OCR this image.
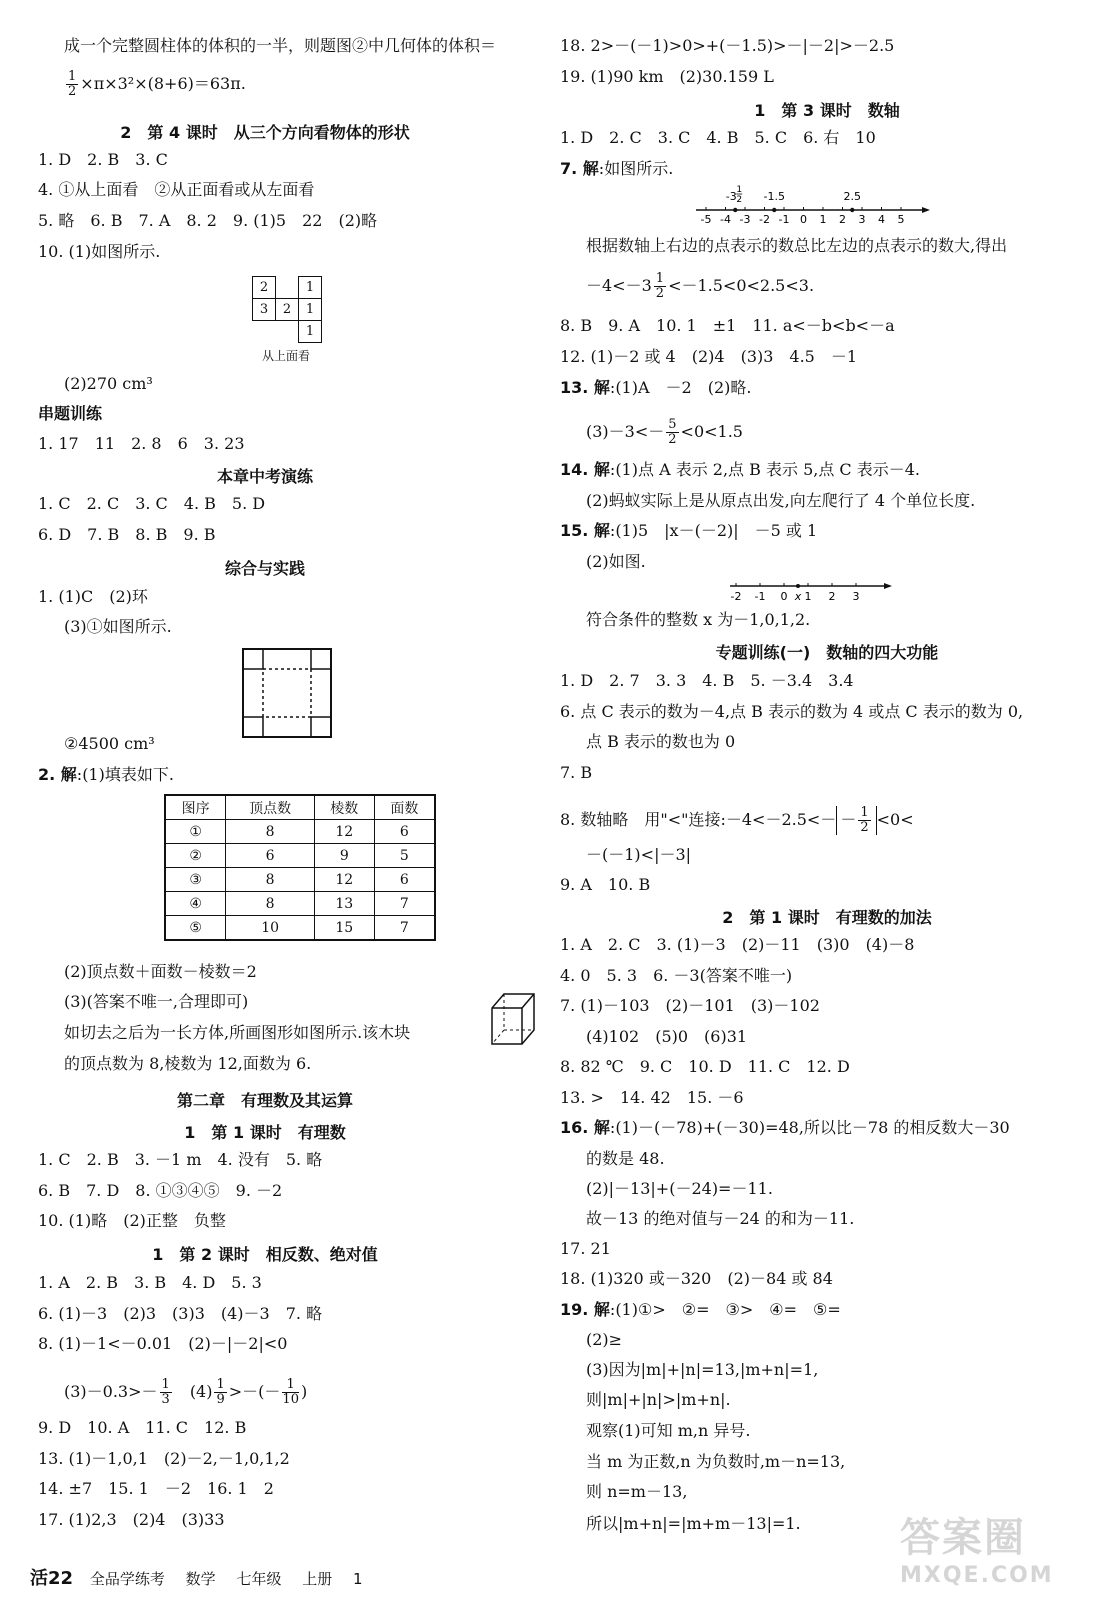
成一个完整圆柱体的体积的一半，则题图②中几何体的体积＝
$\frac{1}{2} \times\pi\times 3^2\times(8+6)=63\pi$.
2　第 4 课时　从三个方向看物体的形状
1. D　2. B　3. C
4. ①从上面看　②从正面看或从左面看
5. 略　6. B　7. A　8. 2　9. (1)5　22　(2)略
10. (1)如图所示.
2		1
3	2	1
		1
从上面看
(2)270 cm³
串题训练
1. 17　11　2. 8　6　3. 23
本章中考演练
1. C　2. C　3. C　4. B　5. D
6. D　7. B　8. B　9. B
综合与实践
1. (1)C　(2)环
(3)①如图所示.
②4500 cm³
2. 解:(1)填表如下.
图序	顶点数	棱数	面数
①	8	12	6
②	6	9	5
③	8	12	6
④	8	13	7
⑤	10	15	7
(2)顶点数＋面数－棱数＝2
(3)(答案不唯一,合理即可)
如切去之后为一长方体,所画图形如图所示.该木块
的顶点数为 8,棱数为 12,面数为 6.
第二章　有理数及其运算
1　第 1 课时　有理数
1. C　2. B　3. －1 m　4. 没有　5. 略
6. B　7. D　8. ①③④⑤　9. －2
10. (1)略　(2)正整　负整
1　第 2 课时　相反数、绝对值
1. A　2. B　3. B　4. D　5. 3
6. (1)－3　(2)3　(3)3　(4)－3　7. 略
8. (1)－1<－0.01　(2)－|－2|<0
$(3)-0.3>- \frac{1}{3}$ 　$(4) \frac{1}{9}$ >－(－ $\frac{1}{10}$ )
9. D　10. A　11. C　12. B
13. (1)－1,0,1　(2)－2,－1,0,1,2
14. ±7　15. 1　－2　16. 1　2
17. (1)2,3　(2)4　(3)33
18. 2>－(－1)>0>+(－1.5)>－|－2|>－2.5
19. (1)90 km　(2)30.159 L
1　第 3 课时　数轴
1. D　2. C　3. C　4. B　5. C　6. 右　10
7. 解:如图所示.
-5 -4 -3 -2 -1 0 1 2 3 4 5
-3 -1.5	2.5
1
2
根据数轴上右边的点表示的数总比左边的点表示的数大,得出
$-4<-3 \frac{1}{2} <-1.5<0<2.5<3$.
8. B　9. A　10. 1　±1　11. a<－b<b<－a
12. (1)－2 或 4　(2)4　(3)3　4.5　－1
13. 解:(1)A　－2　(2)略.
$(3)-3<- \frac{5}{2} <0<1.5$
14. 解:(1)点 A 表示 2,点 B 表示 5,点 C 表示－4.
(2)蚂蚁实际上是从原点出发,向左爬行了 4 个单位长度.
15. 解:(1)5　|x－(－2)|　－5 或 1
(2)如图.
-2 -1 0 x 1 2 3
符合条件的整数 x 为－1,0,1,2.
专题训练(一)　数轴的四大功能
1. D　2. 7　3. 3　4. B　5. －3.4　3.4
6. 点 C 表示的数为－4,点 B 表示的数为 4 或点 C 表示的数为 0,
点 B 表示的数也为 0
7. B
8. 数轴略　用"<"连接:－4<－2.5<－ － $\frac{1}{2} <0<$
－(－1)<|－3|
9. A　10. B
2　第 1 课时　有理数的加法
1. A　2. C　3. (1)－3　(2)－11　(3)0　(4)－8
4. 0　5. 3　6. －3(答案不唯一)
7. (1)－103　(2)－101　(3)－102
(4)102　(5)0　(6)31
8. 82 ℃　9. C　10. D　11. C　12. D
13. >　14. 42　15. －6
16. 解:(1)－(－78)+(－30)=48,所以比－78 的相反数大－30
的数是 48.
(2)|－13|+(－24)=－11.
故－13 的绝对值与－24 的和为－11.
17. 21
18. (1)320 或－320　(2)－84 或 84
19. 解:(1)①>　②=　③>　④=　⑤=
(2)≥
(3)因为|m|+|n|=13,|m+n|=1,
则|m|+|n|>|m+n|.
观察(1)可知 m,n 异号.
当 m 为正数,n 为负数时,m－n=13,
则 n=m－13,
所以|m+n|=|m+m－13|=1.
活22 全品学练考 数学 七年级 上册 1
答案圈
MXQE.COM
